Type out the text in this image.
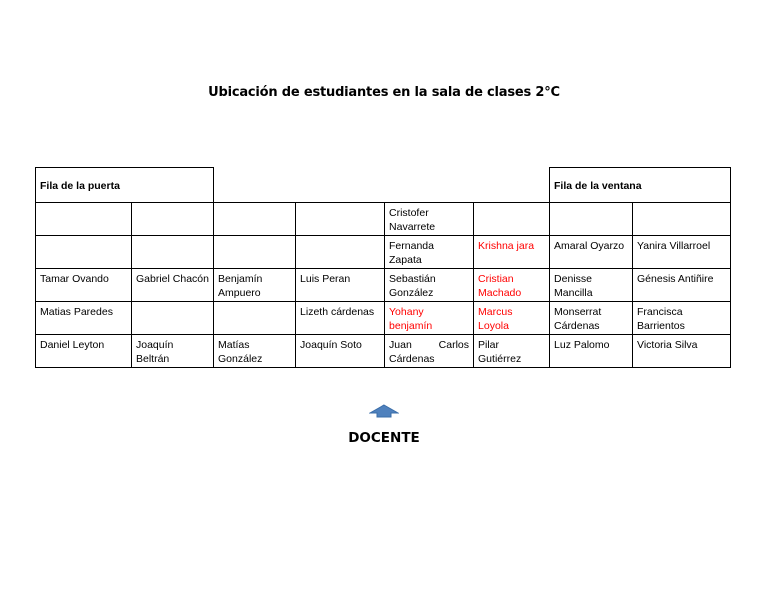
Ubicación de estudiantes en la sala de clases 2°C
Fila de la puerta						Fila de la ventana	
				Cristofer Navarrete			
				Fernanda Zapata	Krishna jara	Amaral Oyarzo	Yanira Villarroel
Tamar Ovando	Gabriel Chacón	Benjamín Ampuero	Luis Peran	Sebastián González	Cristian Machado	Denisse Mancilla	Génesis Antiñire
Matias Paredes			Lizeth cárdenas	Yohany benjamín	Marcus Loyola	Monserrat Cárdenas	Francisca Barrientos
Daniel Leyton	Joaquín Beltrán	Matías González	Joaquín Soto	Juan Carlos Cárdenas	Pilar Gutiérrez	Luz Palomo	Victoria Silva
DOCENTE
